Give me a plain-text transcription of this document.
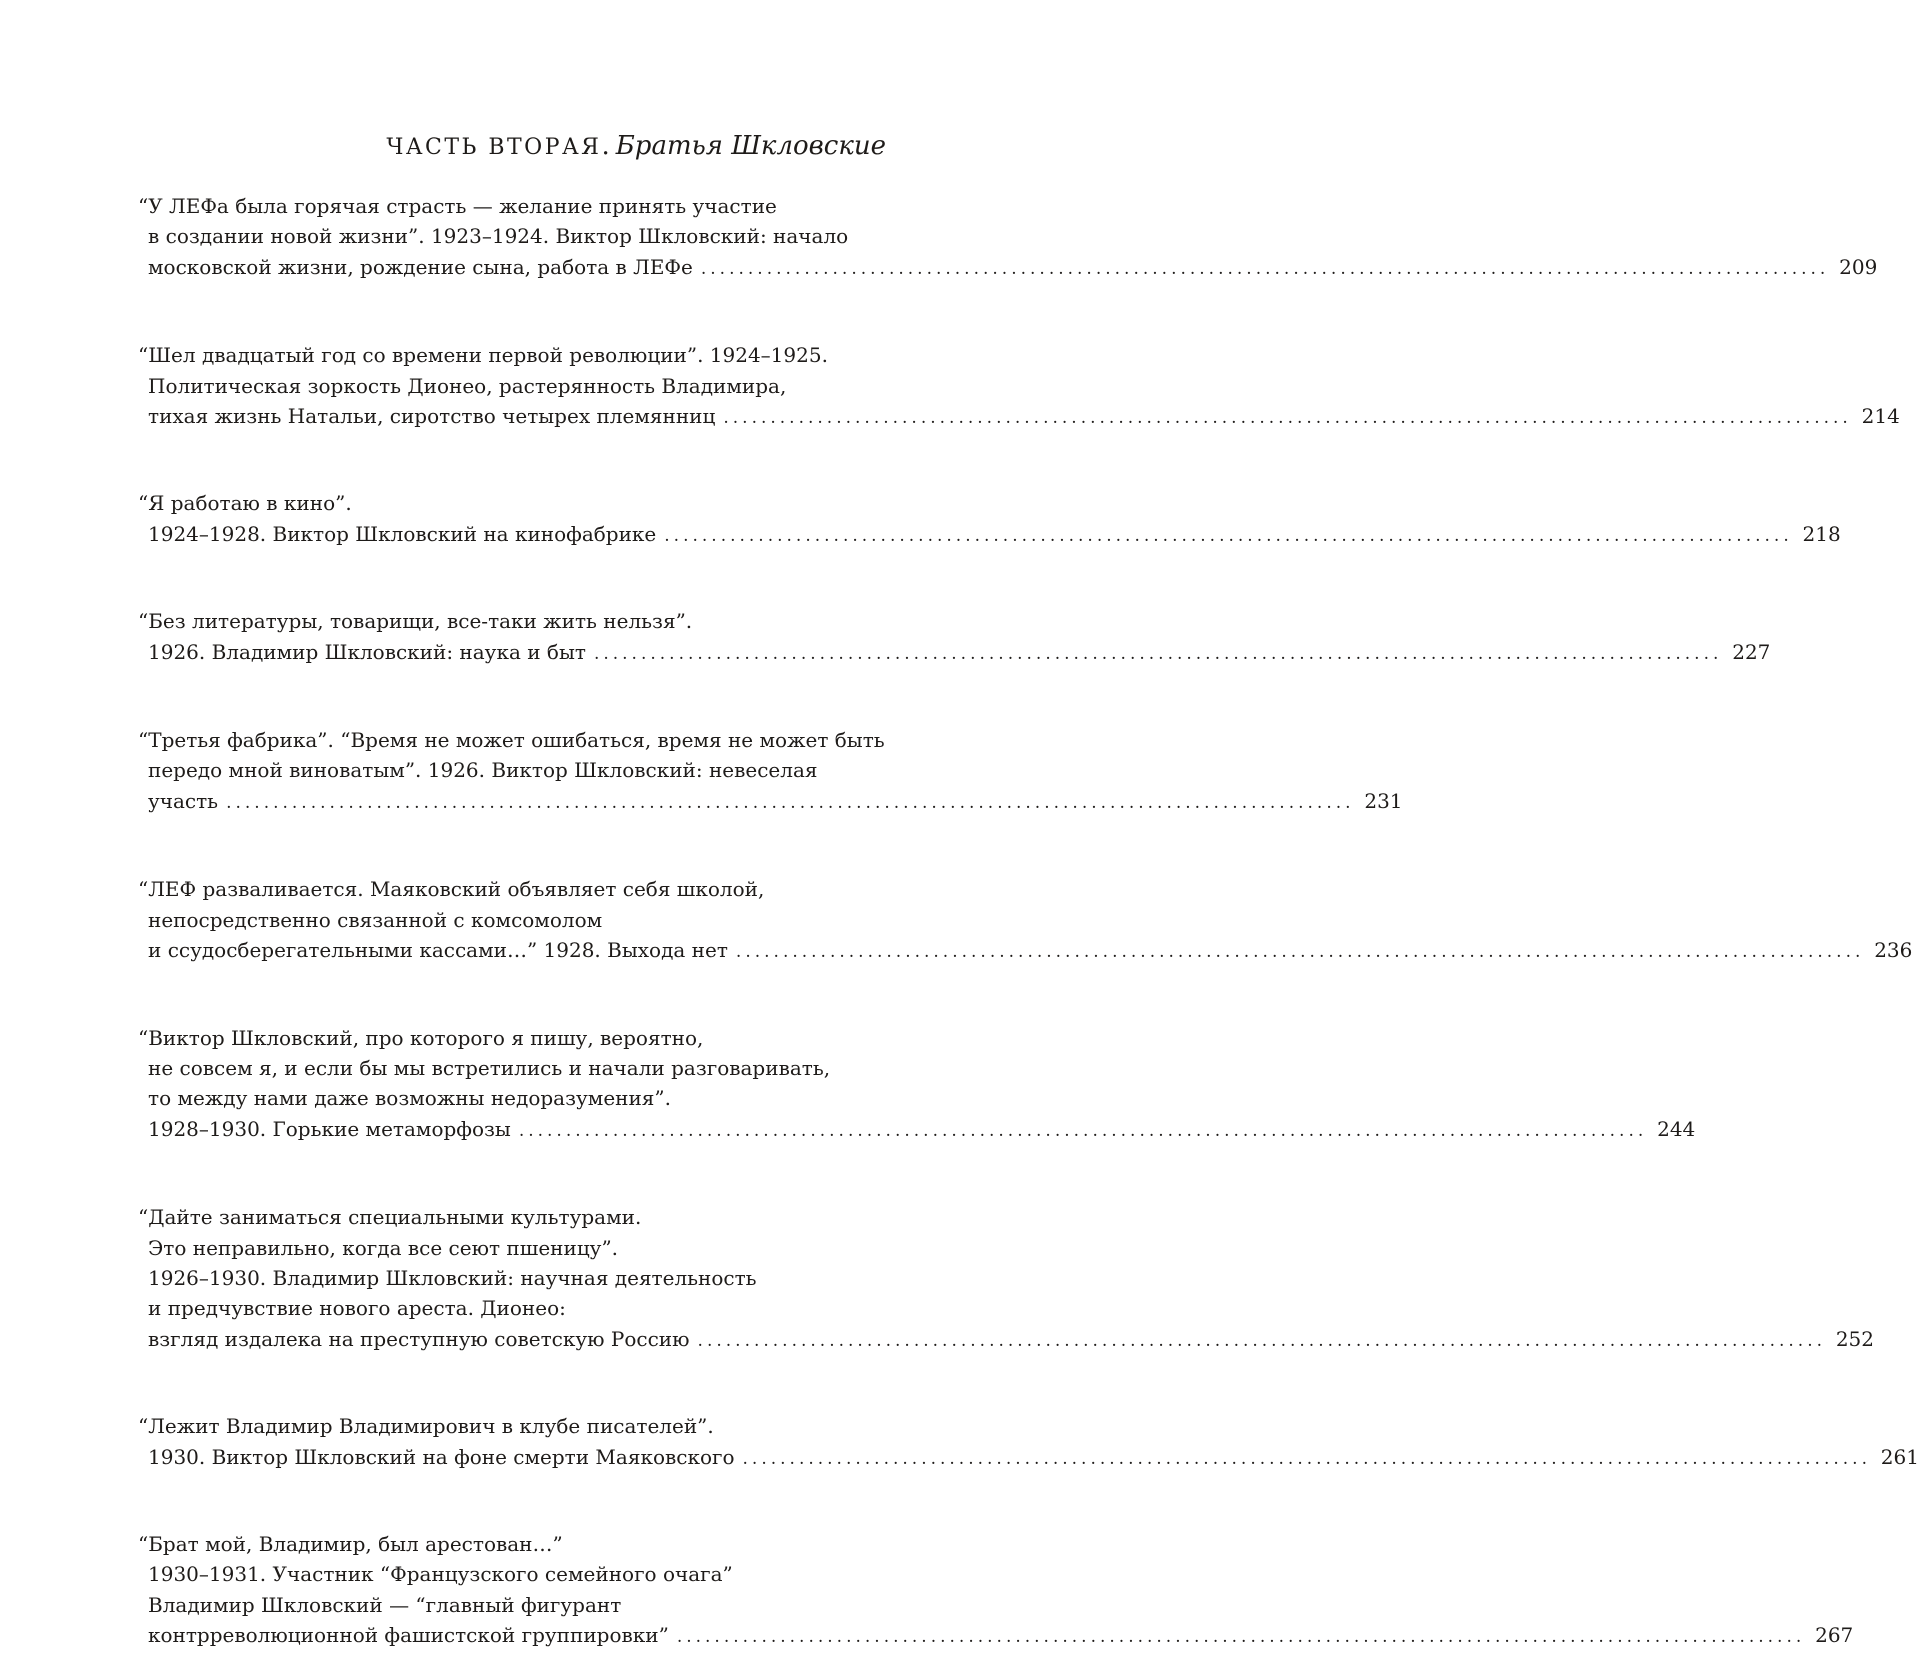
ЧАСТЬ ВТОРАЯ. Братья Шкловские
“У ЛЕФа была горячая страсть — желание принять участие
в создании новой жизни”. 1923–1924. Виктор Шкловский: начало
московской жизни, рождение сына, работа в ЛЕФе ........................................................................................................................ 209
“Шел двадцатый год со времени первой революции”. 1924–1925.
Политическая зоркость Дионео, растерянность Владимира,
тихая жизнь Натальи, сиротство четырех племянниц ........................................................................................................................ 214
“Я работаю в кино”.
1924–1928. Виктор Шкловский на кинофабрике ........................................................................................................................ 218
“Без литературы, товарищи, все-таки жить нельзя”.
1926. Владимир Шкловский: наука и быт ........................................................................................................................ 227
“Третья фабрика”. “Время не может ошибаться, время не может быть
передо мной виноватым”. 1926. Виктор Шкловский: невеселая
участь ........................................................................................................................ 231
“ЛЕФ разваливается. Маяковский объявляет себя школой,
непосредственно связанной с комсомолом
и ссудосберегательными кассами…” 1928. Выхода нет ........................................................................................................................ 236
“Виктор Шкловский, про которого я пишу, вероятно,
не совсем я, и если бы мы встретились и начали разговаривать,
то между нами даже возможны недоразумения”.
1928–1930. Горькие метаморфозы ........................................................................................................................ 244
“Дайте заниматься специальными культурами.
Это неправильно, когда все сеют пшеницу”.
1926–1930. Владимир Шкловский: научная деятельность
и предчувствие нового ареста. Дионео:
взгляд издалека на преступную советскую Россию ........................................................................................................................ 252
“Лежит Владимир Владимирович в клубе писателей”.
1930. Виктор Шкловский на фоне смерти Маяковского ........................................................................................................................ 261
“Брат мой, Владимир, был арестован…”
1930–1931. Участник “Французского семейного очага”
Владимир Шкловский — “главный фигурант
контрреволюционной фашистской группировки” ........................................................................................................................ 267
